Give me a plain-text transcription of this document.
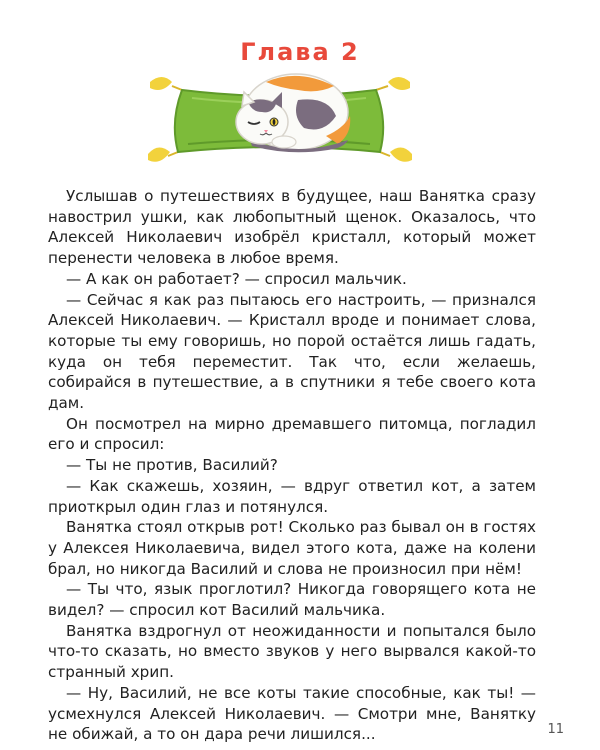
Глава 2

Услышав о путешествиях в будущее, наш Ванятка сразу навострил ушки, как любопытный щенок. Оказалось, что Алексей Николаевич изобрёл кристалл, который может перенести человека в любое время.

— А как он работает? — спросил мальчик.

— Сейчас я как раз пытаюсь его настроить, — признался Алексей Николаевич. — Кристалл вроде и понимает слова, которые ты ему говоришь, но порой остаётся лишь гадать, куда он тебя переместит. Так что, если желаешь, собирайся в путешествие, а в спутники я тебе своего кота дам.

Он посмотрел на мирно дремавшего питомца, погладил его и спросил:

— Ты не против, Василий?

— Как скажешь, хозяин, — вдруг ответил кот, а затем приоткрыл один глаз и потянулся.

Ванятка стоял открыв рот! Сколько раз бывал он в гостях у Алексея Николаевича, видел этого кота, даже на колени брал, но никогда Василий и слова не произносил при нём!

— Ты что, язык проглотил? Никогда говорящего кота не видел? — спросил кот Василий мальчика.

Ванятка вздрогнул от неожиданности и попытался было что-то сказать, но вместо звуков у него вырвался какой-то странный хрип.

— Ну, Василий, не все коты такие способные, как ты! — усмехнулся Алексей Николаевич. — Смотри мне, Ванятку не обижай, а то он дара речи лишился...	11
